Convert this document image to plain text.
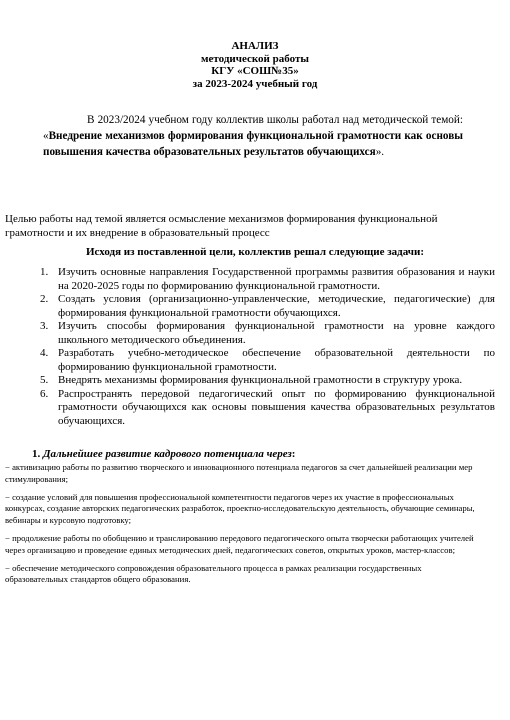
АНАЛИЗ
методической работы
КГУ «СОШ№35»
за 2023-2024 учебный год
В 2023/2024 учебном году коллектив школы работал над методической темой: «Внедрение механизмов формирования функциональной грамотности как основы повышения качества образовательных результатов обучающихся».
Целью работы над темой является осмысление механизмов формирования функциональной грамотности и их внедрение в образовательный процесс
Исходя из поставленной цели, коллектив решал следующие задачи:
1. Изучить основные направления Государственной программы развития образования и науки на 2020-2025 годы по формированию функциональной грамотности.
2. Создать условия (организационно-управленческие, методические, педагогические) для формирования функциональной грамотности обучающихся.
3. Изучить способы формирования функциональной грамотности на уровне каждого школьного методического объединения.
4. Разработать учебно-методическое обеспечение образовательной деятельности по формированию функциональной грамотности.
5. Внедрять механизмы формирования функциональной грамотности в структуру урока.
6. Распространять передовой педагогический опыт по формированию функциональной грамотности обучающихся как основы повышения качества образовательных результатов обучающихся.
1. Дальнейшее развитие кадрового потенциала через:

− активизацию работы по развитию творческого и инновационного потенциала педагогов за счет дальнейшей реализации мер стимулирования;

− создание условий для повышения профессиональной компетентности педагогов через их участие в профессиональных конкурсах, создание авторских педагогических разработок, проектно-исследовательскую деятельность, обучающие семинары, вебинары и курсовую подготовку;

− продолжение работы по обобщению и транслированию передового педагогического опыта творчески работающих учителей через организацию и проведение единых методических дней, педагогических советов, открытых уроков, мастер-классов;

− обеспечение методического сопровождения образовательного процесса в рамках реализации государственных образовательных стандартов общего образования.
